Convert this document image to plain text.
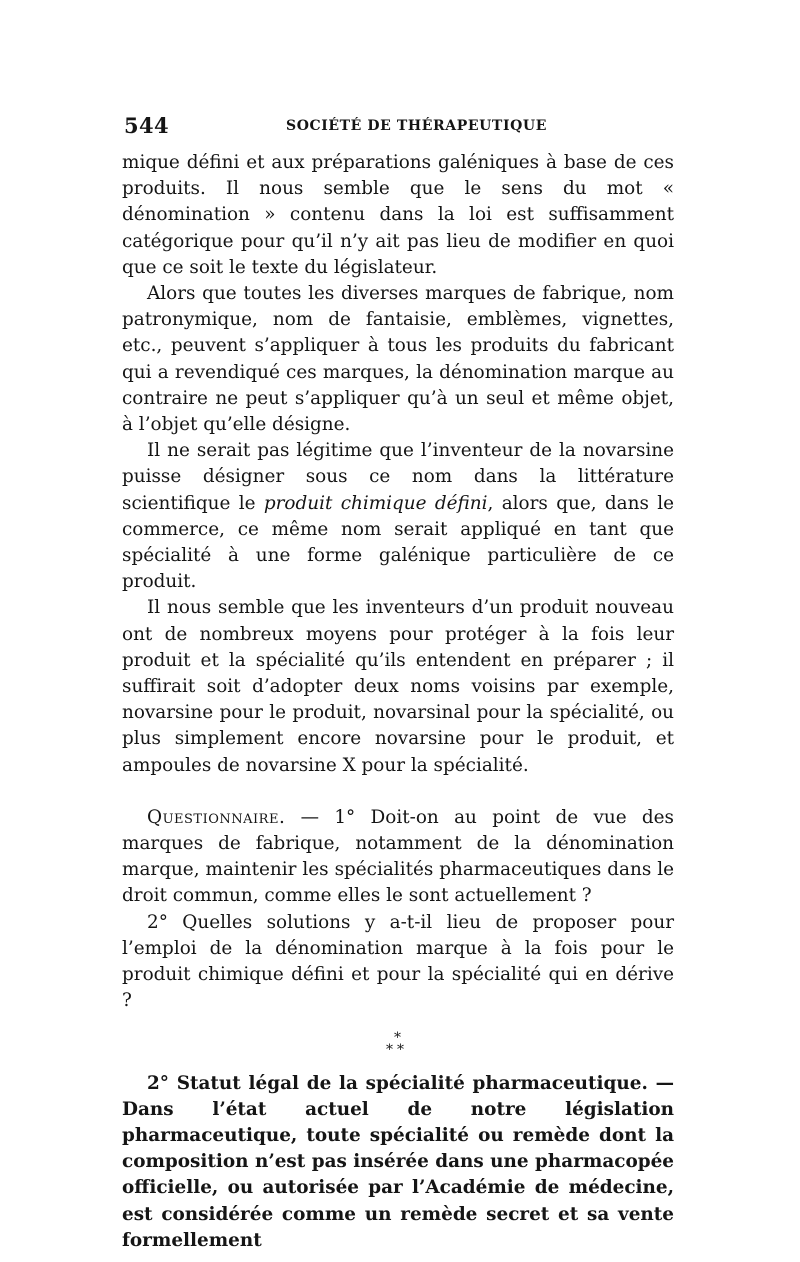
544	SOCIÉTÉ DE THÉRAPEUTIQUE

mique défini et aux préparations galéniques à base de ces produits. Il nous semble que le sens du mot « dénomination » contenu dans la loi est suffisamment catégorique pour qu’il n’y ait pas lieu de modifier en quoi que ce soit le texte du législateur.

Alors que toutes les diverses marques de fabrique, nom patronymique, nom de fantaisie, emblèmes, vignettes, etc., peuvent s’appliquer à tous les produits du fabricant qui a revendiqué ces marques, la dénomination marque au contraire ne peut s’appliquer qu’à un seul et même objet, à l’objet qu’elle désigne.

Il ne serait pas légitime que l’inventeur de la novarsine puisse désigner sous ce nom dans la littérature scientifique le produit chimique défini, alors que, dans le commerce, ce même nom serait appliqué en tant que spécialité à une forme galénique particulière de ce produit.

Il nous semble que les inventeurs d’un produit nouveau ont de nombreux moyens pour protéger à la fois leur produit et la spécialité qu’ils entendent en préparer ; il suffirait soit d’adopter deux noms voisins par exemple, novarsine pour le produit, novarsinal pour la spécialité, ou plus simplement encore novarsine pour le produit, et ampoules de novarsine X pour la spécialité.

Questionnaire. — 1° Doit-on au point de vue des marques de fabrique, notamment de la dénomination marque, maintenir les spécialités pharmaceutiques dans le droit commun, comme elles le sont actuellement ?

2° Quelles solutions y a-t-il lieu de proposer pour l’emploi de la dénomination marque à la fois pour le produit chimique défini et pour la spécialité qui en dérive ?

*
**

2° Statut légal de la spécialité pharmaceutique. — Dans l’état actuel de notre législation pharmaceutique, toute spécialité ou remède dont la composition n’est pas insérée dans une pharmacopée officielle, ou autorisée par l’Académie de médecine, est considérée comme un remède secret et sa vente formellement
